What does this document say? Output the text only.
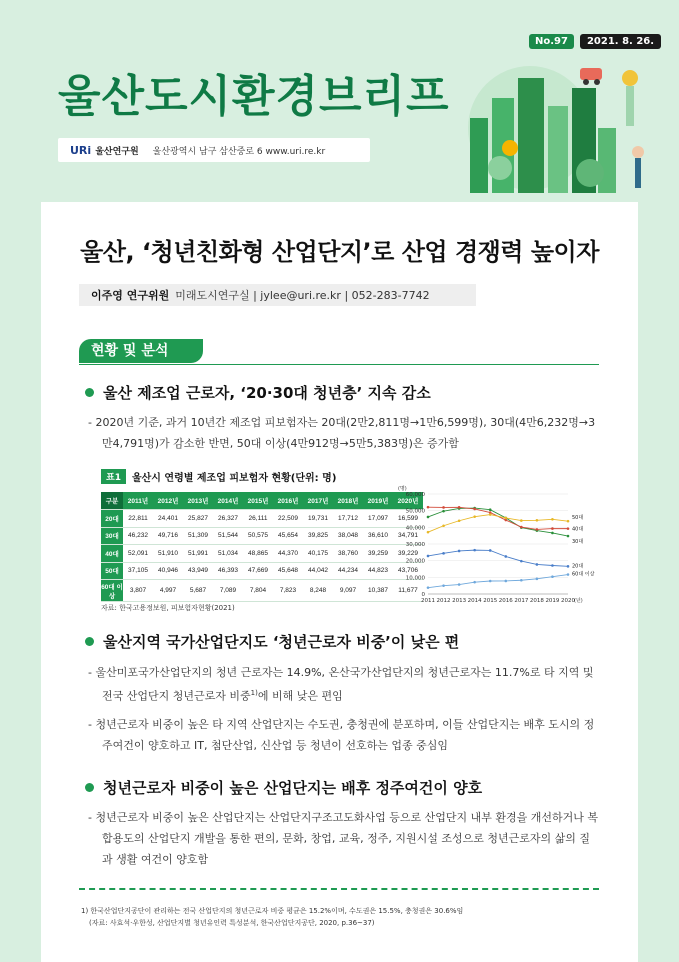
No.97	2021. 8. 26.
울산도시환경브리프
URi 울산연구원 울산광역시 남구 삼산중로 6 www.uri.re.kr
울산, ‘청년친화형 산업단지’로 산업 경쟁력 높이자
이주영 연구위원 미래도시연구실 | jylee@uri.re.kr | 052-283-7742
현황 및 분석
울산 제조업 근로자, ‘20·30대 청년층’ 지속 감소
- 2020년 기준, 과거 10년간 제조업 피보험자는 20대(2만2,811명→1만6,599명), 30대(4만6,232명→3만4,791명)가 감소한 반면, 50대 이상(4만912명→5만5,383명)은 증가함
표1	울산시 연령별 제조업 피보험자 현황(단위: 명)
구분	2011년	2012년	2013년	2014년	2015년	2016년	2017년	2018년	2019년	2020년
20대	22,811	24,401	25,827	26,327	26,111	22,509	19,731	17,712	17,097	16,599
30대	46,232	49,716	51,309	51,544	50,575	45,654	39,825	38,048	36,610	34,791
40대	52,091	51,910	51,991	51,034	48,865	44,370	40,175	38,760	39,259	39,229
50대	37,105	40,946	43,949	46,393	47,669	45,648	44,042	44,234	44,823	43,706
60대 이상	3,807	4,997	5,687	7,089	7,804	7,823	8,248	9,097	10,387	11,677
자료: 한국고용정보원, 피보험자현황(2021)
(명)
0
10,000
20,000
30,000
40,000
50,000
60,000
2011 2012 2013 2014 2015 2016 2017 2018 2019 2020 (년)
20대
30대
40대
50대
60대 이상
울산지역 국가산업단지도 ‘청년근로자 비중’이 낮은 편
- 울산미포국가산업단지의 청년 근로자는 14.9%, 온산국가산업단지의 청년근로자는 11.7%로 타 지역 및 전국 산업단지 청년근로자 비중$^{1)}$에 비해 낮은 편임
- 청년근로자 비중이 높은 타 지역 산업단지는 수도권, 충청권에 분포하며, 이들 산업단지는 배후 도시의 정주여건이 양호하고 IT, 첨단산업, 신산업 등 청년이 선호하는 업종 중심임
청년근로자 비중이 높은 산업단지는 배후 정주여건이 양호
- 청년근로자 비중이 높은 산업단지는 산업단지구조고도화사업 등으로 산업단지 내부 환경을 개선하거나 복합용도의 산업단지 개발을 통한 편의, 문화, 창업, 교육, 정주, 지원시설 조성으로 청년근로자의 삶의 질과 생활 여건이 양호함
1) 한국산업단지공단이 관리하는 전국 산업단지의 청년근로자 비중 평균은 15.2%이며, 수도권은 15.5%, 충청권은 30.6%임
(자료: 사효석·우한성, 산업단지별 청년유인력 특성분석, 한국산업단지공단, 2020, p.36~37)
